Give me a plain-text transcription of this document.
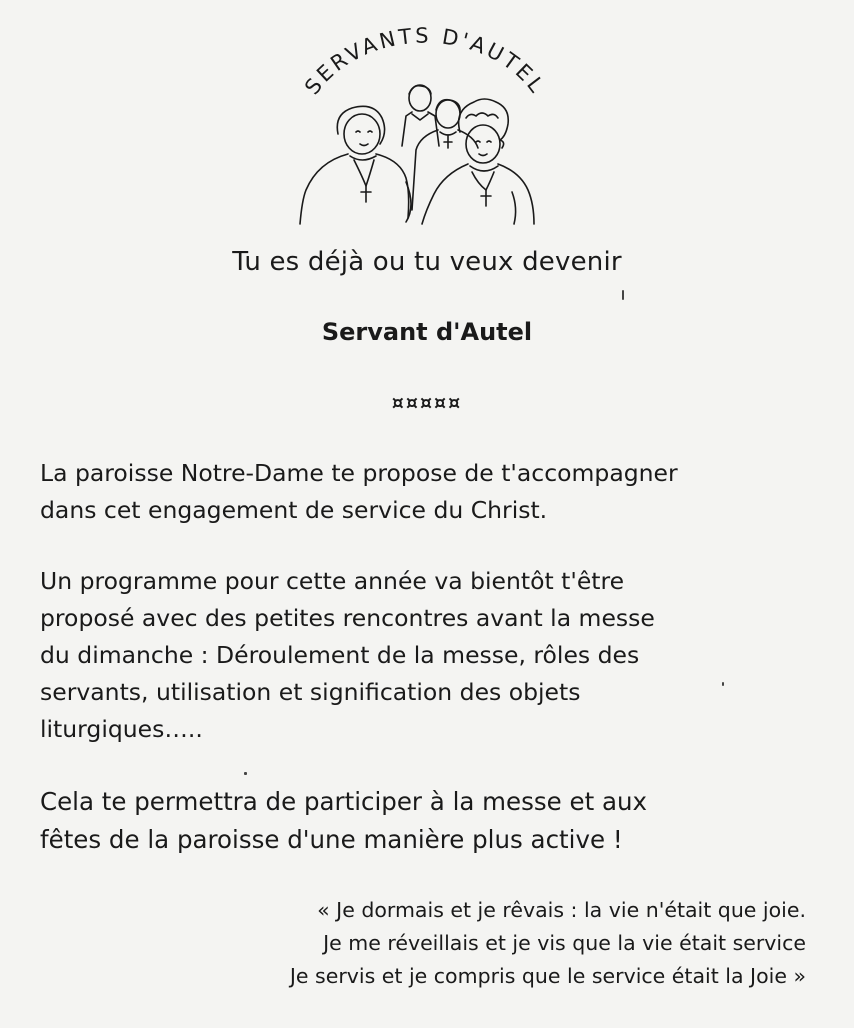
SERVANTS D'AUTEL
Tu es déjà ou tu veux devenir
Servant d'Autel
¤¤¤¤¤
La paroisse Notre-Dame te propose de t'accompagner
dans cet engagement de service du Christ.
Un programme pour cette année va bientôt t'être
proposé avec des petites rencontres avant la messe
du dimanche : Déroulement de la messe, rôles des
servants, utilisation et signification des objets
liturgiques…..
Cela te permettra de participer à la messe et aux
fêtes de la paroisse d'une manière plus active !
« Je dormais et je rêvais : la vie n'était que joie.
Je me réveillais et je vis que la vie était service
Je servis et je compris que le service était la Joie »
